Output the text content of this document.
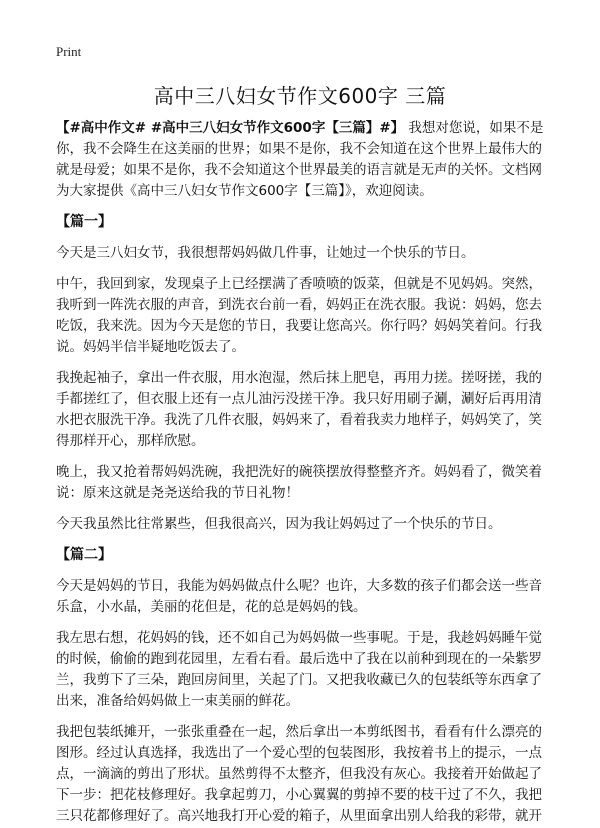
Print
高中三八妇女节作文600字 三篇

【#高中作文# #高中三八妇女节作文600字【三篇】#】 我想对您说，如果不是你，我不会降生在这美丽的世界；如果不是你，我不会知道在这个世界上最伟大的就是母爱；如果不是你，我不会知道这个世界最美的语言就是无声的关怀。文档网为大家提供《高中三八妇女节作文600字【三篇】》，欢迎阅读。

【篇一】

今天是三八妇女节，我很想帮妈妈做几件事，让她过一个快乐的节日。

中午，我回到家，发现桌子上已经摆满了香喷喷的饭菜，但就是不见妈妈。突然，我听到一阵洗衣服的声音，到洗衣台前一看，妈妈正在洗衣服。我说：妈妈，您去吃饭，我来洗。因为今天是您的节日，我要让您高兴。你行吗？妈妈笑着问。行我说。妈妈半信半疑地吃饭去了。

我挽起袖子，拿出一件衣服，用水泡湿，然后抹上肥皂，再用力搓。搓呀搓，我的手都搓红了，但衣服上还有一点儿油污没搓干净。我只好用刷子涮，涮好后再用清水把衣服洗干净。我洗了几件衣服，妈妈来了，看着我卖力地样子，妈妈笑了，笑得那样开心，那样欣慰。

晚上，我又抢着帮妈妈洗碗，我把洗好的碗筷摆放得整整齐齐。妈妈看了，微笑着说：原来这就是尧尧送给我的节日礼物！

今天我虽然比往常累些，但我很高兴，因为我让妈妈过了一个快乐的节日。

【篇二】

今天是妈妈的节日，我能为妈妈做点什么呢？也许，大多数的孩子们都会送一些音乐盒，小水晶，美丽的花但是，花的总是妈妈的钱。

我左思右想，花妈妈的钱，还不如自己为妈妈做一些事呢。于是，我趁妈妈睡午觉的时候，偷偷的跑到花园里，左看右看。最后选中了我在以前种到现在的一朵紫罗兰，我剪下了三朵，跑回房间里，关起了门。又把我收藏已久的包装纸等东西拿了出来，准备给妈妈做上一束美丽的鲜花。

我把包装纸摊开，一张张重叠在一起，然后拿出一本剪纸图书，看看有什么漂亮的图形。经过认真选择，我选出了一个爱心型的包装图形，我按着书上的提示，一点点，一滴滴的剪出了形状。虽然剪得不太整齐，但我没有灰心。我接着开始做起了下一步：把花枝修理好。我拿起剪刀，小心翼翼的剪掉不要的枝干过了不久，我把三只花都修理好了。高兴地我打开心爱的箱子，从里面拿出别人给我的彩带，就开
